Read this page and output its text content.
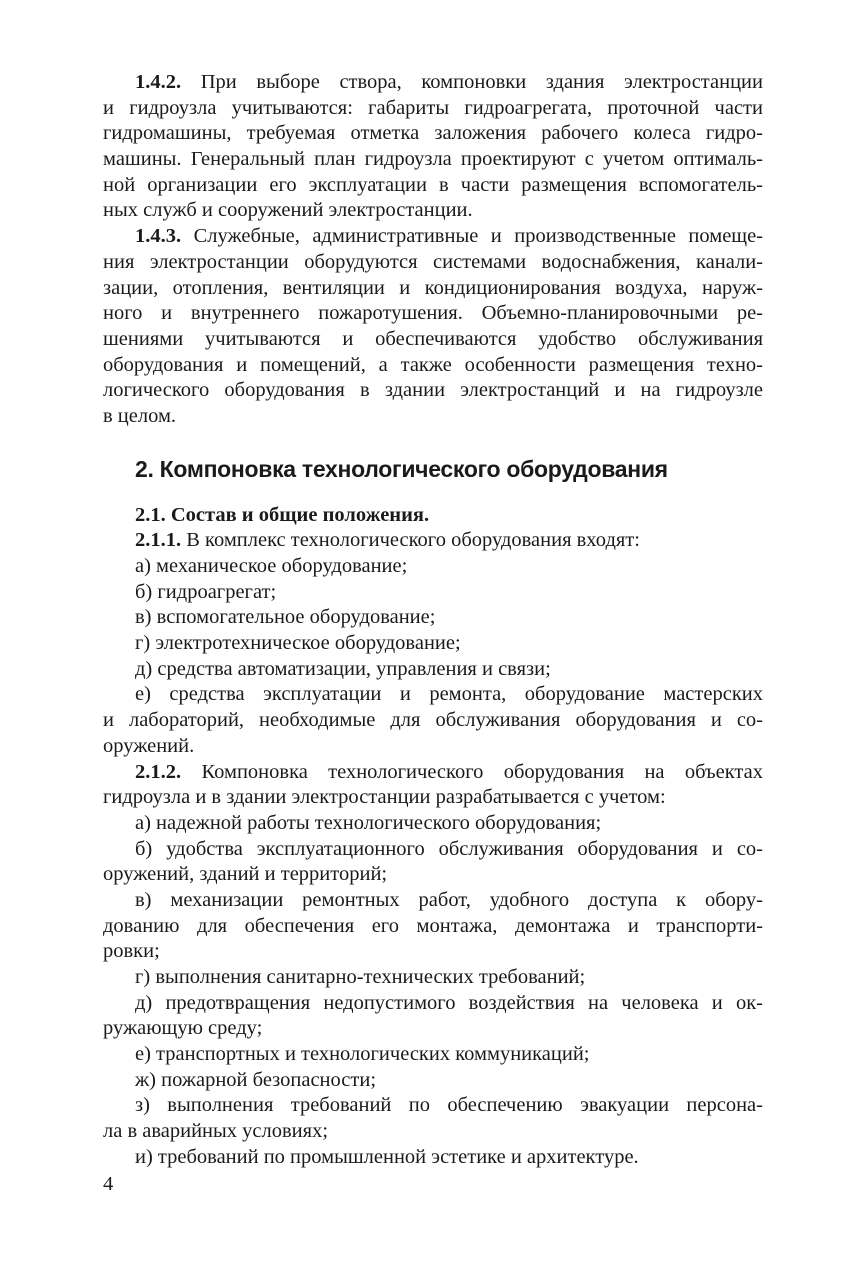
1.4.2. При выборе створа, компоновки здания электростанции
и гидроузла учитываются: габариты гидроагрегата, проточной части
гидромашины, требуемая отметка заложения рабочего колеса гидро-
машины. Генеральный план гидроузла проектируют с учетом оптималь-
ной организации его эксплуатации в части размещения вспомогатель-
ных служб и сооружений электростанции.
1.4.3. Служебные, административные и производственные помеще-
ния электростанции оборудуются системами водоснабжения, канали-
зации, отопления, вентиляции и кондиционирования воздуха, наруж-
ного и внутреннего пожаротушения. Объемно-планировочными ре-
шениями учитываются и обеспечиваются удобство обслуживания
оборудования и помещений, а также особенности размещения техно-
логического оборудования в здании электростанций и на гидроузле
в целом.
2. Компоновка технологического оборудования
2.1. Состав и общие положения.
2.1.1. В комплекс технологического оборудования входят:
а) механическое оборудование;
б) гидроагрегат;
в) вспомогательное оборудование;
г) электротехническое оборудование;
д) средства автоматизации, управления и связи;
е) средства эксплуатации и ремонта, оборудование мастерских
и лабораторий, необходимые для обслуживания оборудования и со-
оружений.
2.1.2. Компоновка технологического оборудования на объектах
гидроузла и в здании электростанции разрабатывается с учетом:
а) надежной работы технологического оборудования;
б) удобства эксплуатационного обслуживания оборудования и со-
оружений, зданий и территорий;
в) механизации ремонтных работ, удобного доступа к обору-
дованию для обеспечения его монтажа, демонтажа и транспорти-
ровки;
г) выполнения санитарно-технических требований;
д) предотвращения недопустимого воздействия на человека и ок-
ружающую среду;
е) транспортных и технологических коммуникаций;
ж) пожарной безопасности;
з) выполнения требований по обеспечению эвакуации персона-
ла в аварийных условиях;
и) требований по промышленной эстетике и архитектуре.
4
